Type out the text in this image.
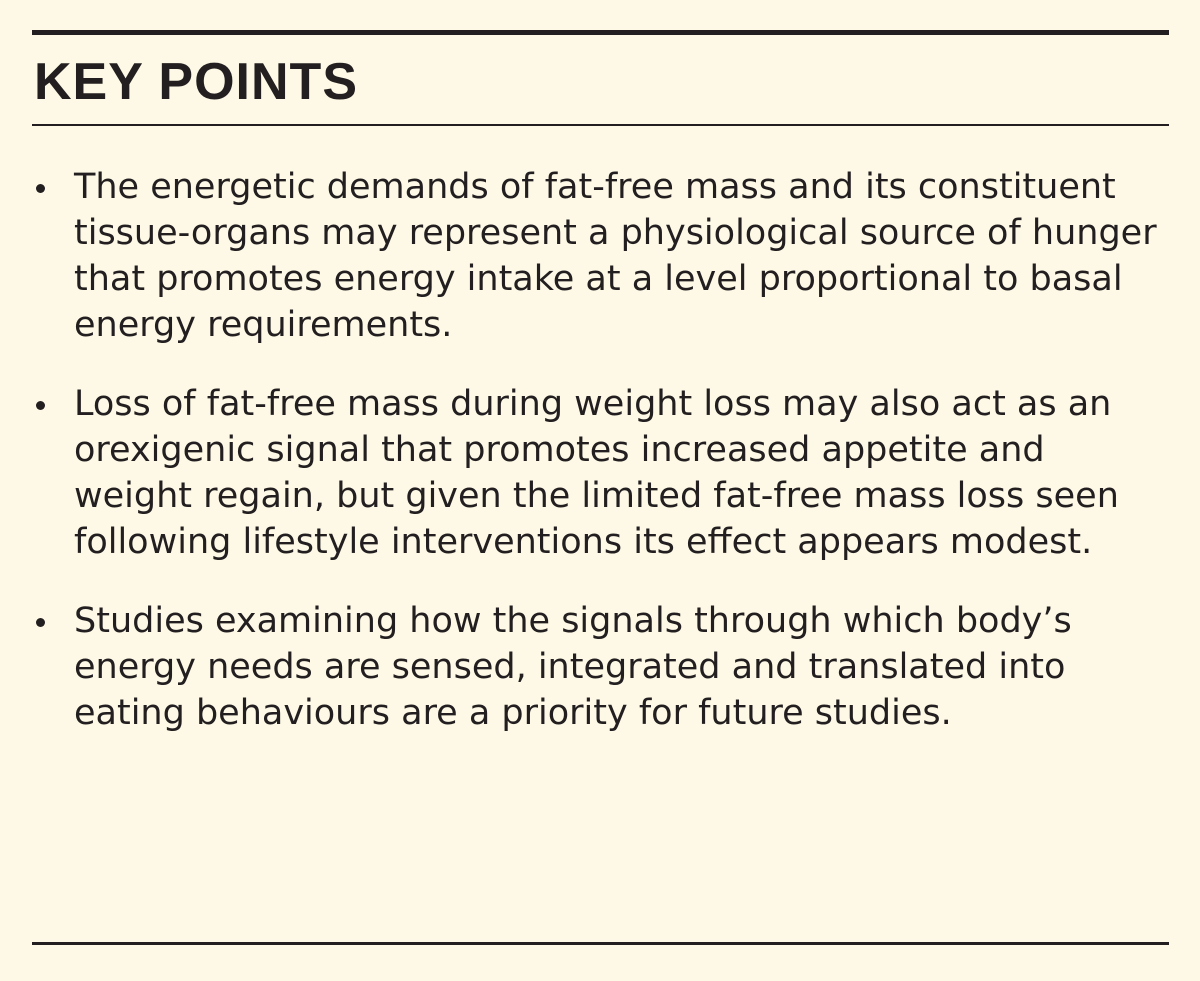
KEY POINTS
The energetic demands of fat-free mass and its constituent tissue-organs may represent a physiological source of hunger that promotes energy intake at a level proportional to basal energy requirements.
Loss of fat-free mass during weight loss may also act as an orexigenic signal that promotes increased appetite and weight regain, but given the limited fat-free mass loss seen following lifestyle interventions its effect appears modest.
Studies examining how the signals through which body’s energy needs are sensed, integrated and translated into eating behaviours are a priority for future studies.
